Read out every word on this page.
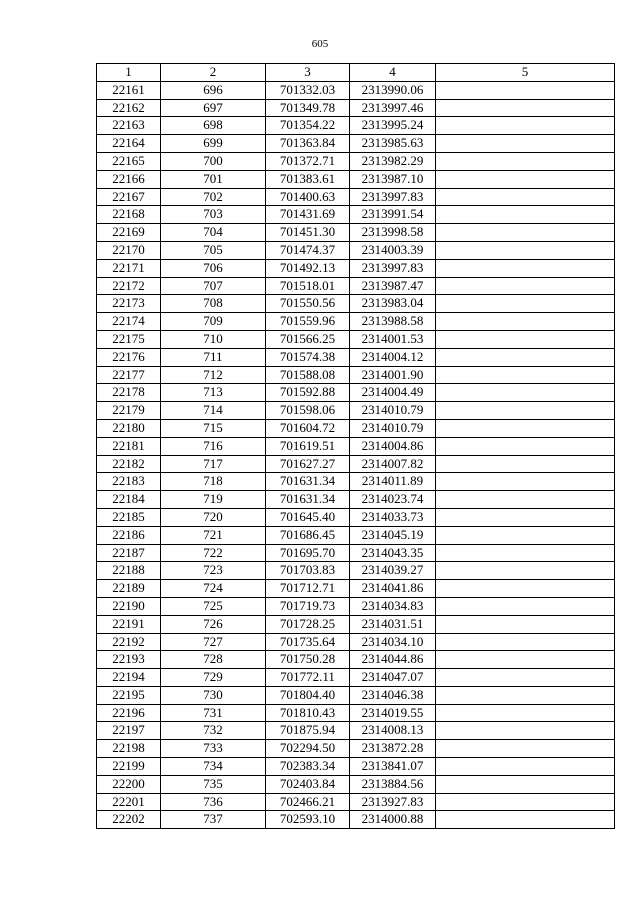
605
1	2	3	4	5
22161	696	701332.03	2313990.06	
22162	697	701349.78	2313997.46	
22163	698	701354.22	2313995.24	
22164	699	701363.84	2313985.63	
22165	700	701372.71	2313982.29	
22166	701	701383.61	2313987.10	
22167	702	701400.63	2313997.83	
22168	703	701431.69	2313991.54	
22169	704	701451.30	2313998.58	
22170	705	701474.37	2314003.39	
22171	706	701492.13	2313997.83	
22172	707	701518.01	2313987.47	
22173	708	701550.56	2313983.04	
22174	709	701559.96	2313988.58	
22175	710	701566.25	2314001.53	
22176	711	701574.38	2314004.12	
22177	712	701588.08	2314001.90	
22178	713	701592.88	2314004.49	
22179	714	701598.06	2314010.79	
22180	715	701604.72	2314010.79	
22181	716	701619.51	2314004.86	
22182	717	701627.27	2314007.82	
22183	718	701631.34	2314011.89	
22184	719	701631.34	2314023.74	
22185	720	701645.40	2314033.73	
22186	721	701686.45	2314045.19	
22187	722	701695.70	2314043.35	
22188	723	701703.83	2314039.27	
22189	724	701712.71	2314041.86	
22190	725	701719.73	2314034.83	
22191	726	701728.25	2314031.51	
22192	727	701735.64	2314034.10	
22193	728	701750.28	2314044.86	
22194	729	701772.11	2314047.07	
22195	730	701804.40	2314046.38	
22196	731	701810.43	2314019.55	
22197	732	701875.94	2314008.13	
22198	733	702294.50	2313872.28	
22199	734	702383.34	2313841.07	
22200	735	702403.84	2313884.56	
22201	736	702466.21	2313927.83	
22202	737	702593.10	2314000.88	
